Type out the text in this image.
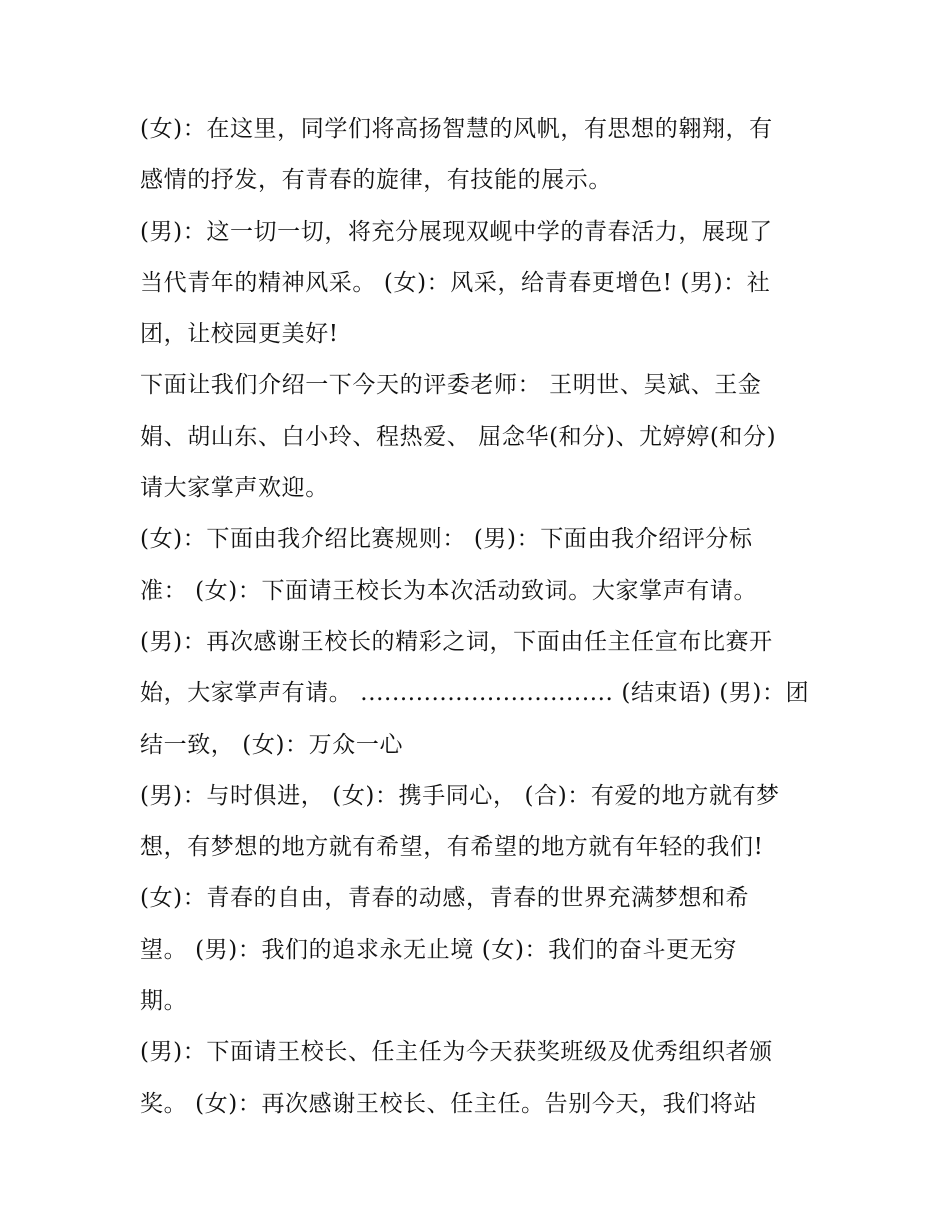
(女)：在这里，同学们将高扬智慧的风帆，有思想的翱翔，有
感情的抒发，有青春的旋律，有技能的展示。
(男)：这一切一切，将充分展现双岘中学的青春活力，展现了
当代青年的精神风采。 (女)：风采，给青春更增色! (男)：社
团，让校园更美好!
下面让我们介绍一下今天的评委老师： 王明世、吴斌、王金
娟、胡山东、白小玲、程热爱、 屈念华(和分)、尤婷婷(和分)
请大家掌声欢迎。
(女)：下面由我介绍比赛规则： (男)：下面由我介绍评分标
准： (女)：下面请王校长为本次活动致词。大家掌声有请。
(男)：再次感谢王校长的精彩之词，下面由任主任宣布比赛开
始，大家掌声有请。 ................................ (结束语) (男)：团
结一致， (女)：万众一心
(男)：与时俱进， (女)：携手同心， (合)：有爱的地方就有梦
想，有梦想的地方就有希望，有希望的地方就有年轻的我们!
(女)：青春的自由，青春的动感，青春的世界充满梦想和希
望。 (男)：我们的追求永无止境 (女)：我们的奋斗更无穷
期。
(男)：下面请王校长、任主任为今天获奖班级及优秀组织者颁
奖。 (女)：再次感谢王校长、任主任。告别今天，我们将站
